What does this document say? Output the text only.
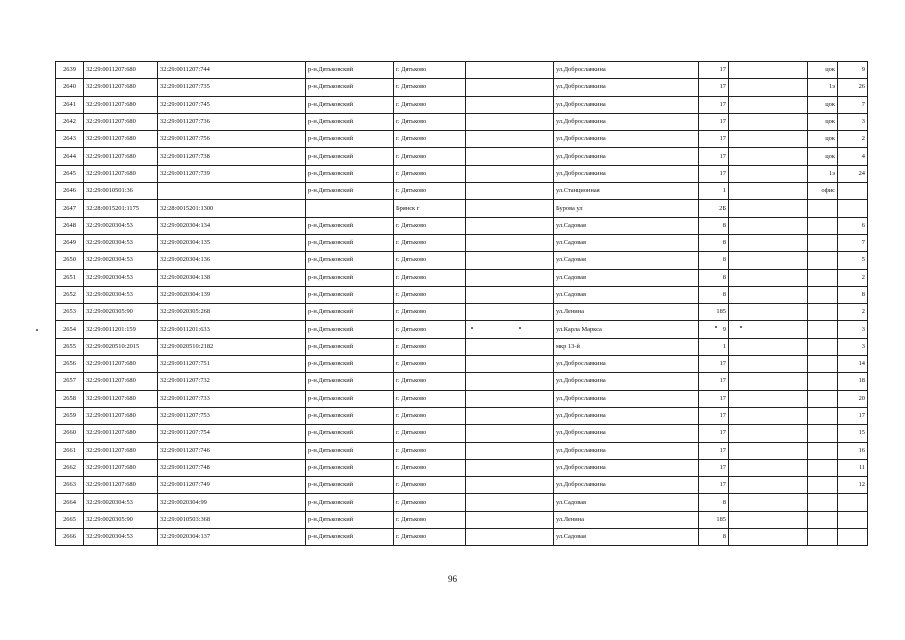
2639	32:29:0011207:680	32:29:0011207:744	р-н.Дятьковский	г. Дятьково		ул.Доброславкина	17		цок	9
2640	32:29:0011207:680	32:29:0011207:735	р-н.Дятьковский	г. Дятьково		ул.Доброславкина	17		1э	26
2641	32:29:0011207:680	32:29:0011207:745	р-н.Дятьковский	г. Дятьково		ул.Доброславкина	17		цок	7
2642	32:29:0011207:680	32:29:0011207:736	р-н.Дятьковский	г. Дятьково		ул.Доброславкина	17		цок	3
2643	32:29:0011207:680	32:29:0011207:756	р-н.Дятьковский	г. Дятьково		ул.Доброславкина	17		цок	2
2644	32:29:0011207:680	32:29:0011207:738	р-н.Дятьковский	г. Дятьково		ул.Доброславкина	17		цок	4
2645	32:29:0011207:680	32:29:0011207:739	р-н.Дятьковский	г. Дятьково		ул.Доброславкина	17		1э	24
2646	32:29:0010501:36		р-н.Дятьковский	г. Дятьково		ул.Станционная	1		офис	
2647	32:28:0015201:1175	32:28:0015201:1300		Брянск г		Бурова ул	2Б			
2648	32:29:0020304:53	32:29:0020304:134	р-н.Дятьковский	г. Дятьково		ул.Садовая	8			6
2649	32:29:0020304:53	32:29:0020304:135	р-н.Дятьковский	г. Дятьково		ул.Садовая	8			7
2650	32:29:0020304:53	32:29:0020304:136	р-н.Дятьковский	г. Дятьково		ул.Садовая	8			5
2651	32:29:0020304:53	32:29:0020304:138	р-н.Дятьковский	г. Дятьково		ул.Садовая	8			2
2652	32:29:0020304:53	32:29:0020304:139	р-н.Дятьковский	г. Дятьково		ул.Садовая	8			8
2653	32:29:0020305:90	32:29:0020305:268	р-н.Дятьковский	г. Дятьково		ул.Ленина	185			2
2654	32:29:0011201:159	32:29:0011201:633	р-н.Дятьковский	г. Дятьково		ул.Карла Маркса	9			3
2655	32:29:0020510:2015	32:29:0020510:2182	р-н.Дятьковский	г. Дятьково		мкр 13-й	1			3
2656	32:29:0011207:680	32:29:0011207:751	р-н.Дятьковский	г. Дятьково		ул.Доброславкина	17			14
2657	32:29:0011207:680	32:29:0011207:732	р-н.Дятьковский	г. Дятьково		ул.Доброславкина	17			18
2658	32:29:0011207:680	32:29:0011207:733	р-н.Дятьковский	г. Дятьково		ул.Доброславкина	17			20
2659	32:29:0011207:680	32:29:0011207:753	р-н.Дятьковский	г. Дятьково		ул.Доброславкина	17			17
2660	32:29:0011207:680	32:29:0011207:754	р-н.Дятьковский	г. Дятьково		ул.Доброславкина	17			15
2661	32:29:0011207:680	32:29:0011207:746	р-н.Дятьковский	г. Дятьково		ул.Доброславкина	17			16
2662	32:29:0011207:680	32:29:0011207:748	р-н.Дятьковский	г. Дятьково		ул.Доброславкина	17			11
2663	32:29:0011207:680	32:29:0011207:749	р-н.Дятьковский	г. Дятьково		ул.Доброславкина	17			12
2664	32:29:0020304:53	32:29:0020304:99	р-н.Дятьковский	г. Дятьково		ул.Садовая	8			
2665	32:29:0020305:90	32:29:0010503:368	р-н.Дятьковский	г. Дятьково		ул.Ленина	185			
2666	32:29:0020304:53	32:29:0020304:137	р-н.Дятьковский	г. Дятьково		ул.Садовая	8			
96
